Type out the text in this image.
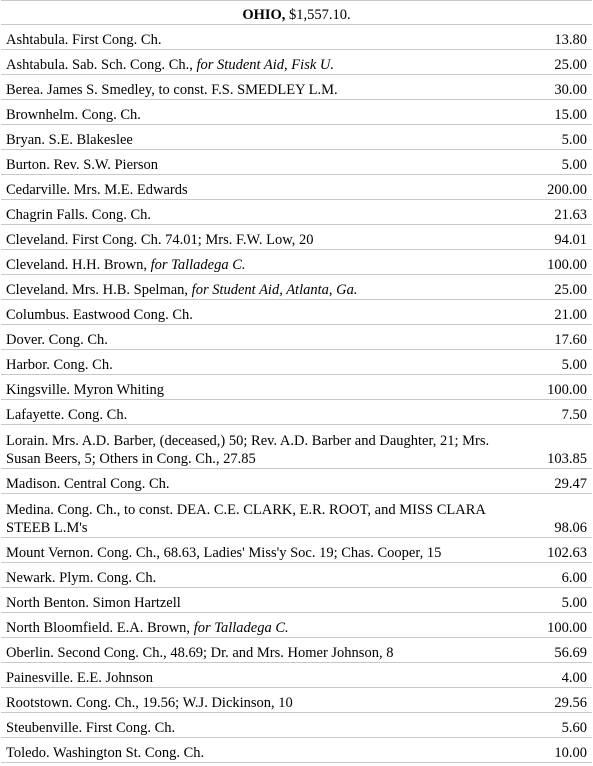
OHIO, $1,557.10.	
Ashtabula. First Cong. Ch.	13.80
Ashtabula. Sab. Sch. Cong. Ch., for Student Aid, Fisk U.	25.00
Berea. James S. Smedley, to const. F.S. SMEDLEY L.M.	30.00
Brownhelm. Cong. Ch.	15.00
Bryan. S.E. Blakeslee	5.00
Burton. Rev. S.W. Pierson	5.00
Cedarville. Mrs. M.E. Edwards	200.00
Chagrin Falls. Cong. Ch.	21.63
Cleveland. First Cong. Ch. 74.01; Mrs. F.W. Low, 20	94.01
Cleveland. H.H. Brown, for Talladega C.	100.00
Cleveland. Mrs. H.B. Spelman, for Student Aid, Atlanta, Ga.	25.00
Columbus. Eastwood Cong. Ch.	21.00
Dover. Cong. Ch.	17.60
Harbor. Cong. Ch.	5.00
Kingsville. Myron Whiting	100.00
Lafayette. Cong. Ch.	7.50
Lorain. Mrs. A.D. Barber, (deceased,) 50; Rev. A.D. Barber and Daughter, 21; Mrs. Susan Beers, 5; Others in Cong. Ch., 27.85	103.85
Madison. Central Cong. Ch.	29.47
Medina. Cong. Ch., to const. DEA. C.E. CLARK, E.R. ROOT, and MISS CLARA STEEB L.M's	98.06
Mount Vernon. Cong. Ch., 68.63, Ladies' Miss'y Soc. 19; Chas. Cooper, 15	102.63
Newark. Plym. Cong. Ch.	6.00
North Benton. Simon Hartzell	5.00
North Bloomfield. E.A. Brown, for Talladega C.	100.00
Oberlin. Second Cong. Ch., 48.69; Dr. and Mrs. Homer Johnson, 8	56.69
Painesville. E.E. Johnson	4.00
Rootstown. Cong. Ch., 19.56; W.J. Dickinson, 10	29.56
Steubenville. First Cong. Ch.	5.60
Toledo. Washington St. Cong. Ch.	10.00
